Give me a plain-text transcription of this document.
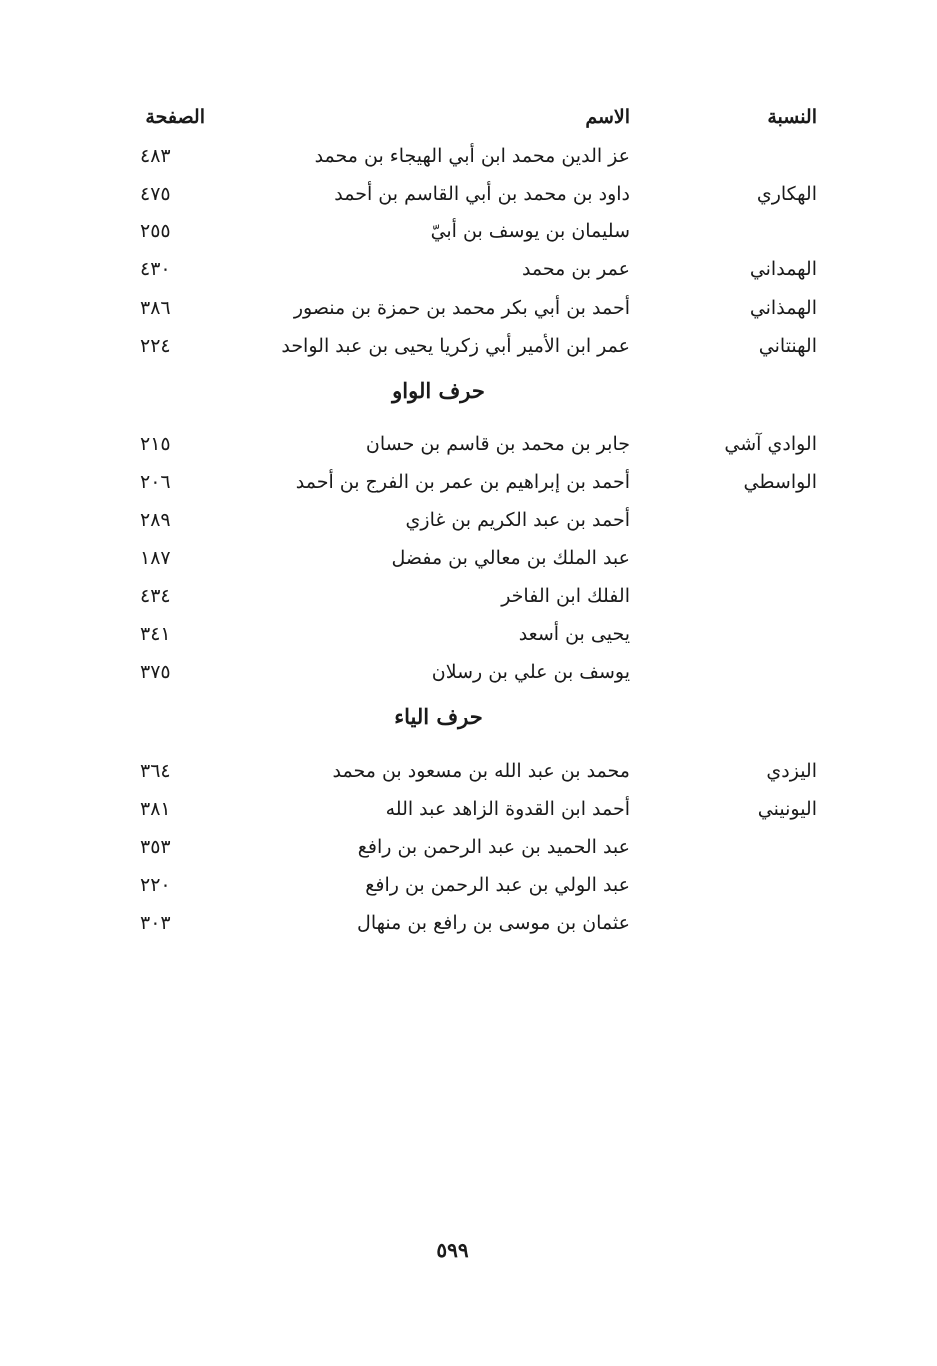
النسبة
الاسم
الصفحة
عز الدين محمد ابن أبي الهيجاء بن محمد
٤٨٣
الهكاري
داود بن محمد بن أبي القاسم بن أحمد
٤٧٥
سليمان بن يوسف بن أبيّ
٢٥٥
الهمداني
عمر بن محمد
٤٣٠
الهمذاني
أحمد بن أبي بكر محمد بن حمزة بن منصور
٣٨٦
الهنتاني
عمر ابن الأمير أبي زكريا يحيى بن عبد الواحد
٢٢٤
حرف الواو
الوادي آشي
جابر بن محمد بن قاسم بن حسان
٢١٥
الواسطي
أحمد بن إبراهيم بن عمر بن الفرج بن أحمد
٢٠٦
أحمد بن عبد الكريم بن غازي
٢٨٩
عبد الملك بن معالي بن مفضل
١٨٧
الفلك ابن الفاخر
٤٣٤
يحيى بن أسعد
٣٤١
يوسف بن علي بن رسلان
٣٧٥
حرف الياء
اليزدي
محمد بن عبد الله بن مسعود بن محمد
٣٦٤
اليونيني
أحمد ابن القدوة الزاهد عبد الله
٣٨١
عبد الحميد بن عبد الرحمن بن رافع
٣٥٣
عبد الولي بن عبد الرحمن بن رافع
٢٢٠
عثمان بن موسى بن رافع بن منهال
٣٠٣
٥٩٩
